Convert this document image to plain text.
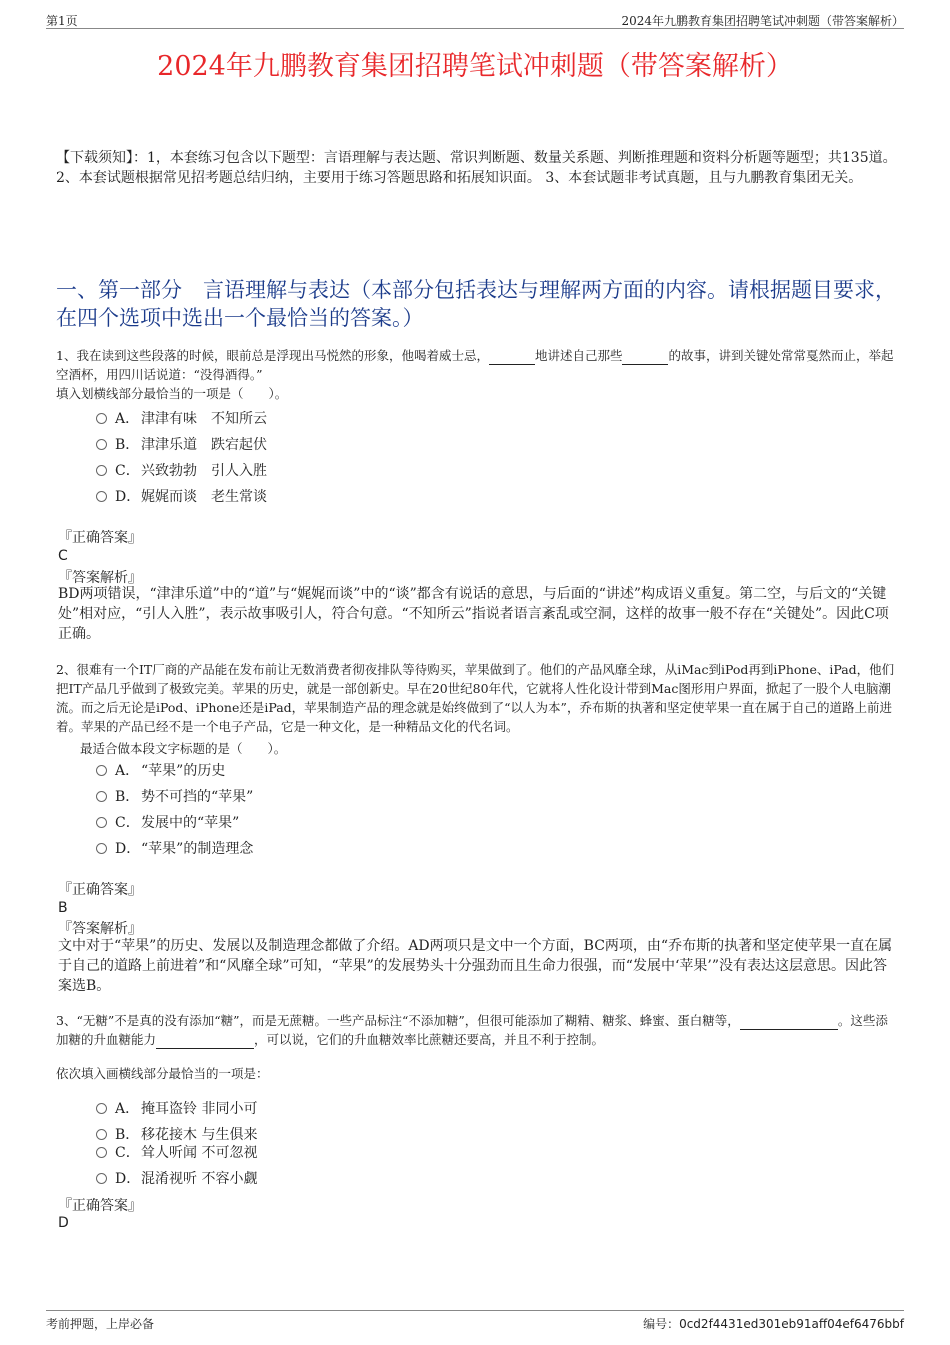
第1页	2024年九鹏教育集团招聘笔试冲刺题（带答案解析）
2024年九鹏教育集团招聘笔试冲刺题（带答案解析）
【下载须知】：1，本套练习包含以下题型：言语理解与表达题、常识判断题、数量关系题、判断推理题和资料分析题等题型；共135道。 2、本套试题根据常见招考题总结归纳，主要用于练习答题思路和拓展知识面。 3、本套试题非考试真题，且与九鹏教育集团无关。
一、第一部分　言语理解与表达（本部分包括表达与理解两方面的内容。请根据题目要求，在四个选项中选出一个最恰当的答案。）
1、我在读到这些段落的时候，眼前总是浮现出马悦然的形象，他喝着威士忌，	地讲述自己那些	的故事，讲到关键处常常戛然而止，举起空酒杯，用四川话说道：“没得酒得。”
填入划横线部分最恰当的一项是（　　）。
A． 津津有味　不知所云
B． 津津乐道　跌宕起伏
C．兴致勃勃　引人入胜
D．娓娓而谈　老生常谈
『正确答案』
C
『答案解析』
BD两项错误，“津津乐道”中的“道”与“娓娓而谈”中的“谈”都含有说话的意思，与后面的“讲述”构成语义重复。第二空，与后文的“关键处”相对应，“引人入胜”，表示故事吸引人，符合句意。“不知所云”指说者语言紊乱或空洞，这样的故事一般不存在“关键处”。因此C项正确。
2、很难有一个IT厂商的产品能在发布前让无数消费者彻夜排队等待购买，苹果做到了。他们的产品风靡全球，从iMac到iPod再到iPhone、iPad，他们把IT产品几乎做到了极致完美。苹果的历史，就是一部创新史。早在20世纪80年代，它就将人性化设计带到Mac图形用户界面，掀起了一股个人电脑潮流。而之后无论是iPod、iPhone还是iPad，苹果制造产品的理念就是始终做到了“以人为本”，乔布斯的执著和坚定使苹果一直在属于自己的道路上前进着。苹果的产品已经不是一个电子产品，它是一种文化，是一种精品文化的代名词。
最适合做本段文字标题的是（　　）。
A． “苹果”的历史
B． 势不可挡的“苹果”
C．发展中的“苹果”
D．“苹果”的制造理念
『正确答案』
B
『答案解析』
文中对于“苹果”的历史、发展以及制造理念都做了介绍。AD两项只是文中一个方面，BC两项，由“乔布斯的执著和坚定使苹果一直在属于自己的道路上前进着”和“风靡全球”可知，“苹果”的发展势头十分强劲而且生命力很强，而“发展中‘苹果’”没有表达这层意思。因此答案选B。
3、“无糖”不是真的没有添加“糖”，而是无蔗糖。一些产品标注“不添加糖”，但很可能添加了糊精、糖浆、蜂蜜、蛋白糖等，	。这些添加糖的升血糖能力	，可以说，它们的升血糖效率比蔗糖还要高，并且不利于控制。
依次填入画横线部分最恰当的一项是：
A． 掩耳盗铃 非同小可
B． 移花接木 与生俱来
C．耸人听闻 不可忽视
D．混淆视听 不容小觑
『正确答案』
D
考前押题，上岸必备	编号：0cd2f4431ed301eb91aff04ef6476bbf
